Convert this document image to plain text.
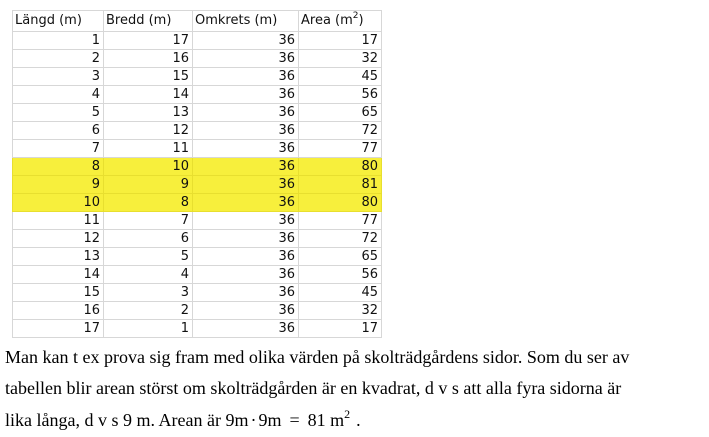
Längd (m)	Bredd (m)	Omkrets (m)	Area $(m^2)$
1	17	36	17
2	16	36	32
3	15	36	45
4	14	36	56
5	13	36	65
6	12	36	72
7	11	36	77
8	10	36	80
9	9	36	81
10	8	36	80
11	7	36	77
12	6	36	72
13	5	36	65
14	4	36	56
15	3	36	45
16	2	36	32
17	1	36	17
Man kan t ex prova sig fram med olika värden på skolträdgårdens sidor. Som du ser av
tabellen blir arean störst om skolträdgården är en kvadrat, d v s att alla fyra sidorna är
lika långa, d v s 9 m. Arean är 9m · 9m = 81 $m^2$ .
